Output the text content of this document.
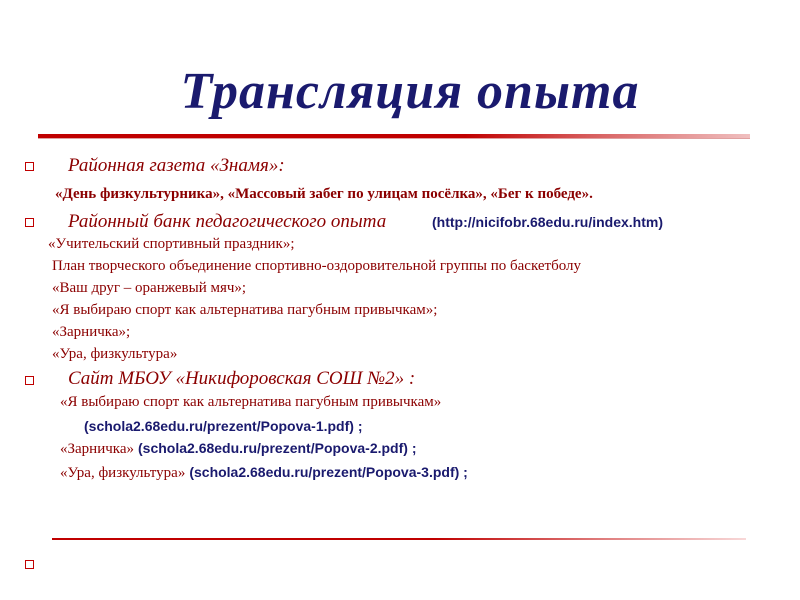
Трансляция опыта
Районная газета «Знамя»:
«День физкультурника», «Массовый забег по улицам посёлка», «Бег к победе».
Районный банк педагогического опыта	(http://nicifobr.68edu.ru/index.htm)
«Учительский спортивный праздник»;
План творческого объединение спортивно-оздоровительной группы по баскетболу
«Ваш друг – оранжевый мяч»;
«Я выбираю спорт как альтернатива пагубным привычкам»;
«Зарничка»;
«Ура, физкультура»
Сайт МБОУ «Никифоровская СОШ №2» :
«Я выбираю спорт как альтернатива пагубным привычкам»
(schola2.68edu.ru/prezent/Popova-1.pdf) ;
«Зарничка» (schola2.68edu.ru/prezent/Popova-2.pdf) ;
«Ура, физкультура» (schola2.68edu.ru/prezent/Popova-3.pdf) ;
